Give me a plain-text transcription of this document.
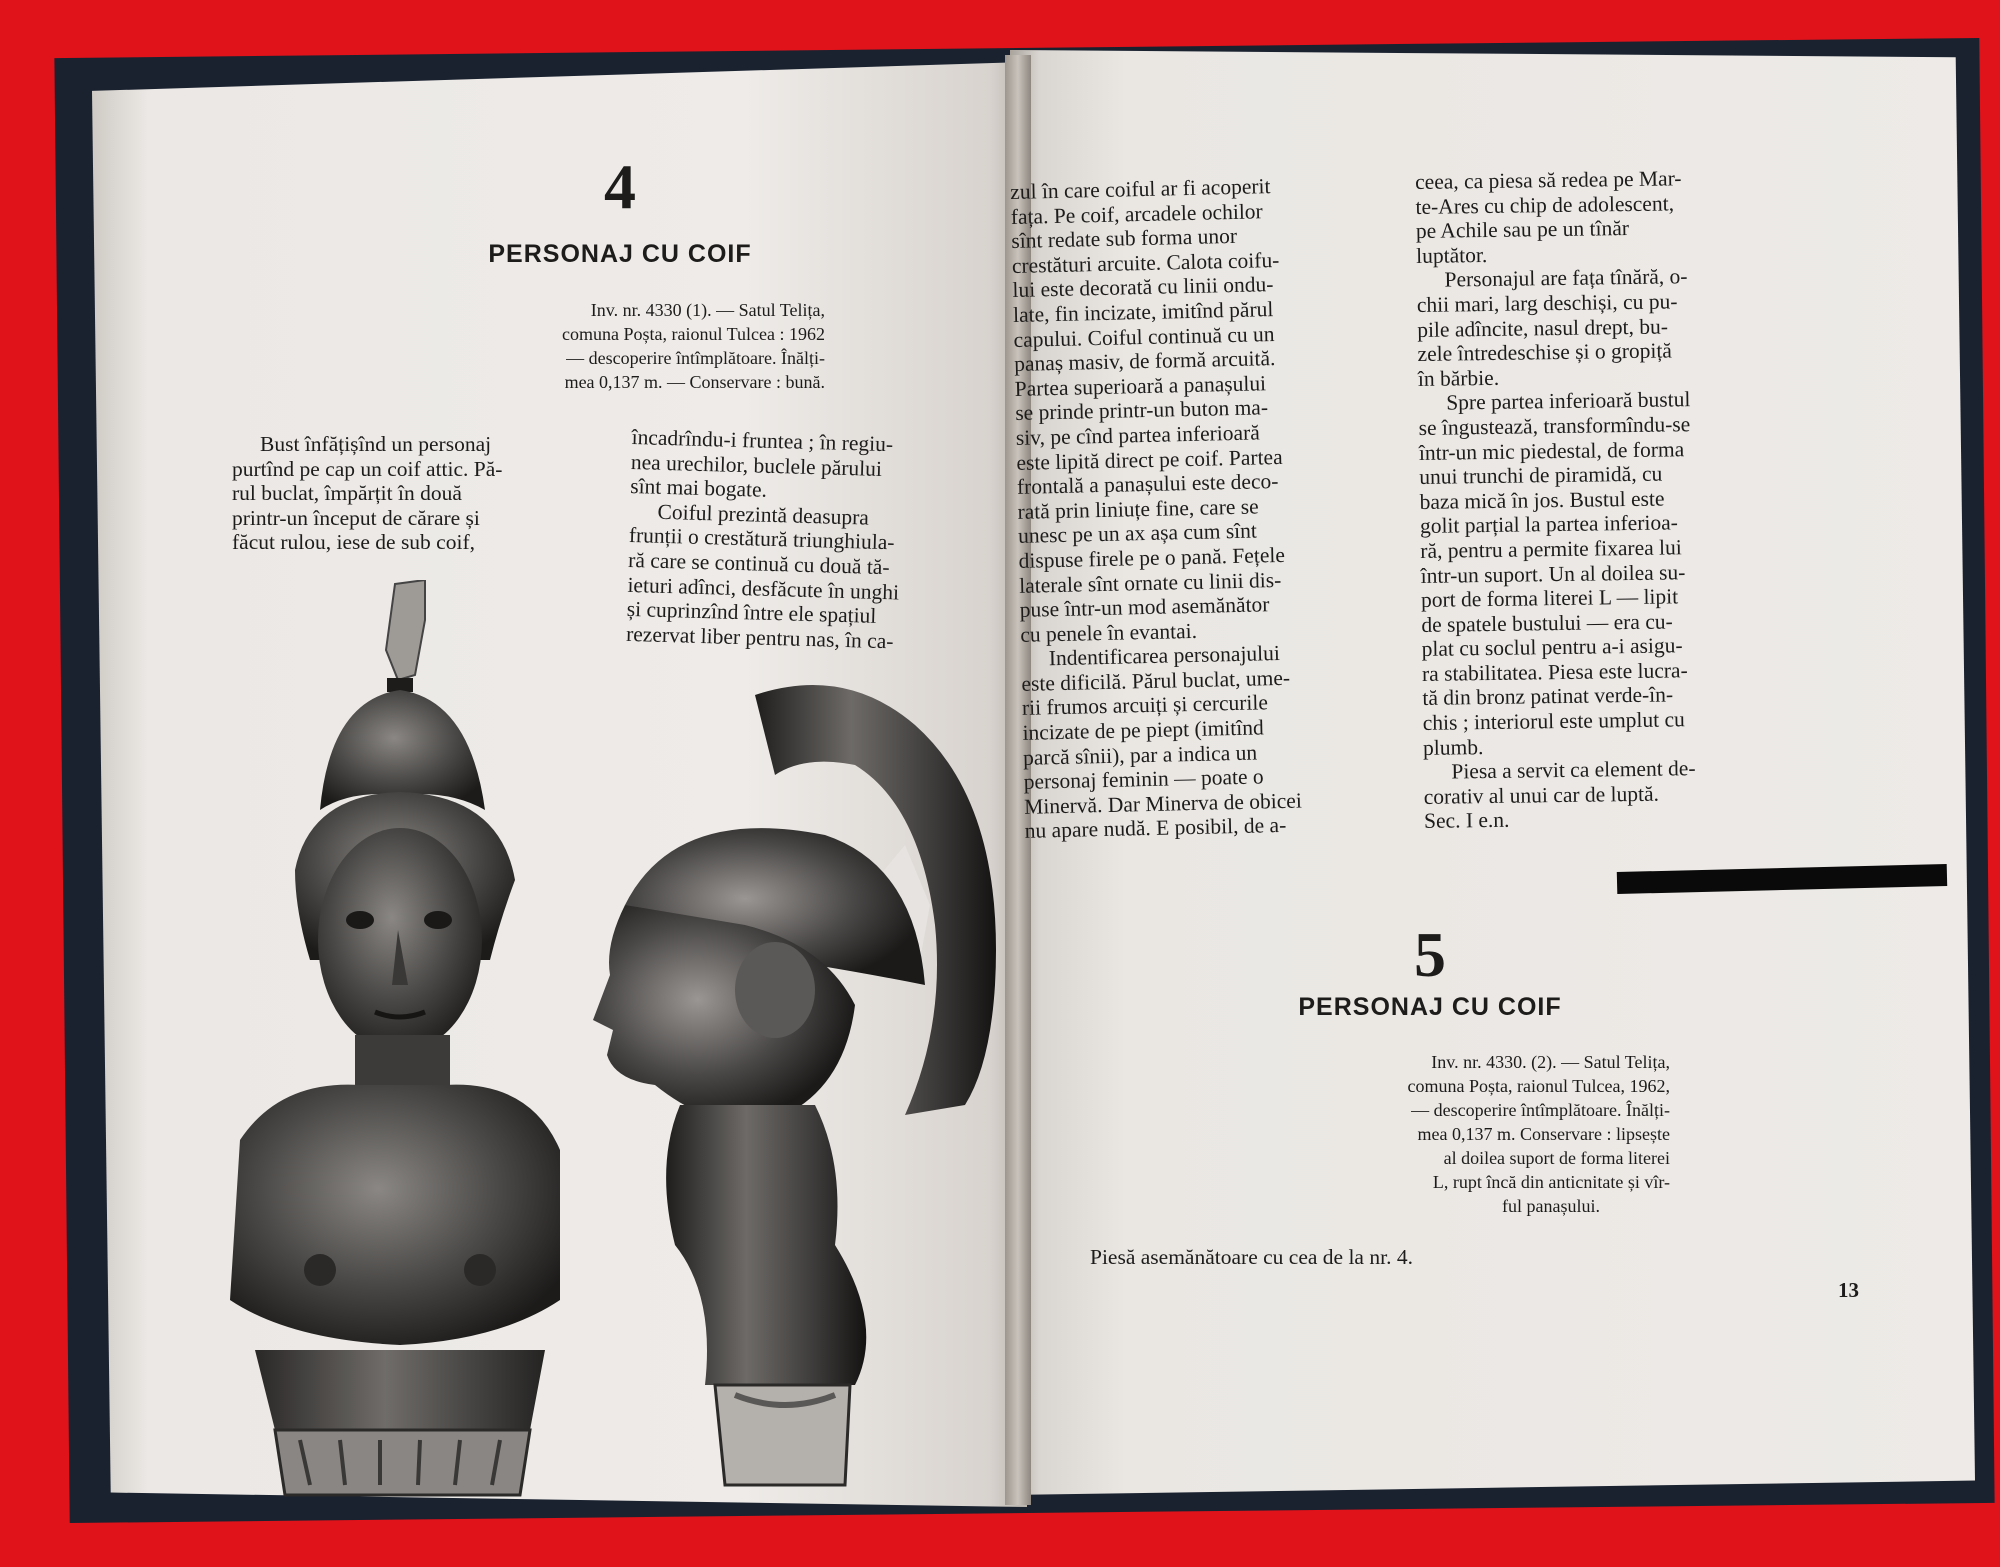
4
PERSONAJ CU COIF
Inv. nr. 4330 (1). — Satul Telița,
comuna Poșta, raionul Tulcea : 1962
— descoperire întîmplătoare. Înălți-
mea 0,137 m. — Conservare : bună.
Bust înfățișînd un personaj
purtînd pe cap un coif attic. Pă-
rul buclat, împărțit în două
printr-un început de cărare și
făcut rulou, iese de sub coif,
încadrîndu-i fruntea ; în regiu-
nea urechilor, buclele părului
sînt mai bogate.
Coiful prezintă deasupra
frunții o crestătură triunghiula-
ră care se continuă cu două tă-
ieturi adînci, desfăcute în unghi
și cuprinzînd între ele spațiul
rezervat liber pentru nas, în ca-
zul în care coiful ar fi acoperit
fața. Pe coif, arcadele ochilor
sînt redate sub forma unor
crestături arcuite. Calota coifu-
lui este decorată cu linii ondu-
late, fin incizate, imitînd părul
capului. Coiful continuă cu un
panaș masiv, de formă arcuită.
Partea superioară a panașului
se prinde printr-un buton ma-
siv, pe cînd partea inferioară
este lipită direct pe coif. Partea
frontală a panașului este deco-
rată prin liniuțe fine, care se
unesc pe un ax așa cum sînt
dispuse firele pe o pană. Fețele
laterale sînt ornate cu linii dis-
puse într-un mod asemănător
cu penele în evantai.
Indentificarea personajului
este dificilă. Părul buclat, ume-
rii frumos arcuiți și cercurile
incizate de pe piept (imitînd
parcă sînii), par a indica un
personaj feminin — poate o
Minervă. Dar Minerva de obicei
nu apare nudă. E posibil, de a-
ceea, ca piesa să redea pe Mar-
te-Ares cu chip de adolescent,
pe Achile sau pe un tînăr
luptător.
Personajul are fața tînără, o-
chii mari, larg deschiși, cu pu-
pile adîncite, nasul drept, bu-
zele întredeschise și o gropiță
în bărbie.
Spre partea inferioară bustul
se îngustează, transformîndu-se
într-un mic piedestal, de forma
unui trunchi de piramidă, cu
baza mică în jos. Bustul este
golit parțial la partea inferioa-
ră, pentru a permite fixarea lui
într-un suport. Un al doilea su-
port de forma literei L — lipit
de spatele bustului — era cu-
plat cu soclul pentru a-i asigu-
ra stabilitatea. Piesa este lucra-
tă din bronz patinat verde-în-
chis ; interiorul este umplut cu
plumb.
Piesa a servit ca element de-
corativ al unui car de luptă.
Sec. I e.n.
5
PERSONAJ CU COIF
Inv. nr. 4330. (2). — Satul Telița,
comuna Poșta, raionul Tulcea, 1962,
— descoperire întîmplătoare. Înălți-
mea 0,137 m. Conservare : lipsește
al doilea suport de forma literei
L, rupt încă din anticnitate și vîr-
ful panașului.
Piesă asemănătoare cu cea de la nr. 4.
13
